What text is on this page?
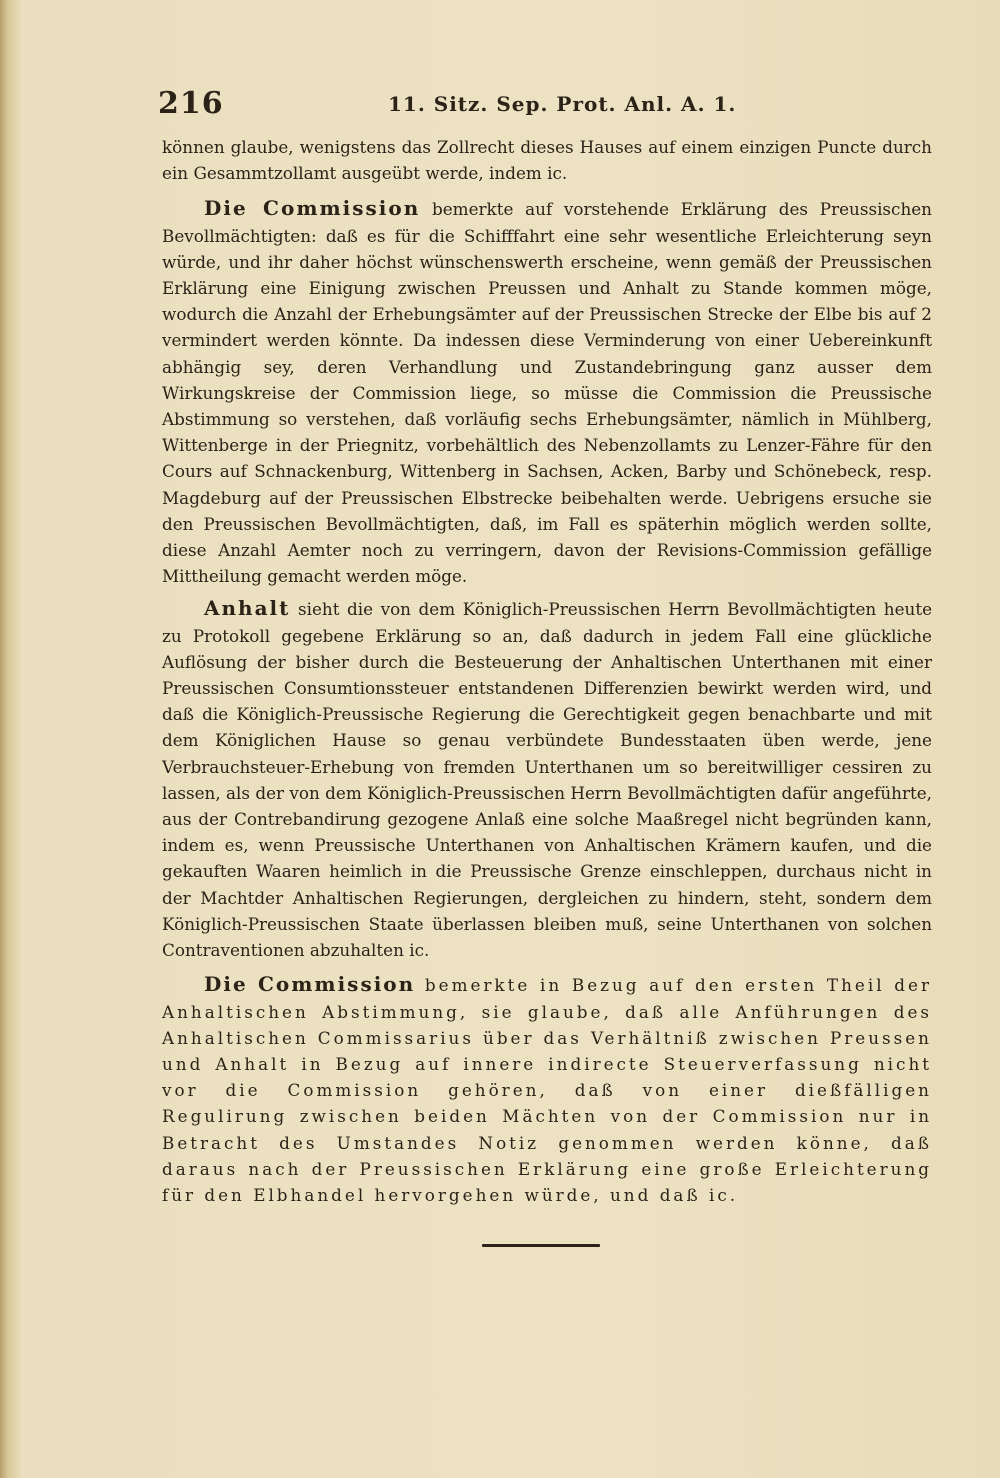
216	11. Sitz. Sep. Prot. Anl. A. 1.

können glaube, wenigstens das Zollrecht dieses Hauses auf einem einzigen Puncte durch ein Gesammtzollamt ausgeübt werde, indem ic.

Die Commission bemerkte auf vorstehende Erklärung des Preussischen Bevollmächtigten: daß es für die Schifffahrt eine sehr wesentliche Erleichterung seyn würde, und ihr daher höchst wünschenswerth erscheine, wenn gemäß der Preussischen Erklärung eine Einigung zwischen Preussen und Anhalt zu Stande kommen möge, wodurch die Anzahl der Erhebungsämter auf der Preussischen Strecke der Elbe bis auf 2 vermindert werden könnte. Da indessen diese Verminderung von einer Uebereinkunft abhängig sey, deren Verhandlung und Zustandebringung ganz ausser dem Wirkungskreise der Commission liege, so müsse die Commission die Preussische Abstimmung so verstehen, daß vorläufig sechs Erhebungsämter, nämlich in Mühlberg, Wittenberge in der Priegnitz, vorbehältlich des Nebenzollamts zu Lenzer-Fähre für den Cours auf Schnackenburg, Wittenberg in Sachsen, Acken, Barby und Schönebeck, resp. Magdeburg auf der Preussischen Elbstrecke beibehalten werde. Uebrigens ersuche sie den Preussischen Bevollmächtigten, daß, im Fall es späterhin möglich werden sollte, diese Anzahl Aemter noch zu verringern, davon der Revisions-Commission gefällige Mittheilung gemacht werden möge.

Anhalt sieht die von dem Königlich-Preussischen Herrn Bevollmächtigten heute zu Protokoll gegebene Erklärung so an, daß dadurch in jedem Fall eine glückliche Auflösung der bisher durch die Besteuerung der Anhaltischen Unterthanen mit einer Preussischen Consumtionssteuer entstandenen Differenzien bewirkt werden wird, und daß die Königlich-Preussische Regierung die Gerechtigkeit gegen benachbarte und mit dem Königlichen Hause so genau verbündete Bundesstaaten üben werde, jene Verbrauchsteuer-Erhebung von fremden Unterthanen um so bereitwilliger cessiren zu lassen, als der von dem Königlich-Preussischen Herrn Bevollmächtigten dafür angeführte, aus der Contrebandirung gezogene Anlaß eine solche Maaßregel nicht begründen kann, indem es, wenn Preussische Unterthanen von Anhaltischen Krämern kaufen, und die gekauften Waaren heimlich in die Preussische Grenze einschleppen, durchaus nicht in der Machtder Anhaltischen Regierungen, dergleichen zu hindern, steht, sondern dem Königlich-Preussischen Staate überlassen bleiben muß, seine Unterthanen von solchen Contraventionen abzuhalten ic.

Die Commission bemerkte in Bezug auf den ersten Theil der Anhaltischen Abstimmung, sie glaube, daß alle Anführungen des Anhaltischen Commissarius über das Verhältniß zwischen Preussen und Anhalt in Bezug auf innere indirecte Steuerverfassung nicht vor die Commission gehören, daß von einer dießfälligen Regulirung zwischen beiden Mächten von der Commission nur in Betracht des Umstandes Notiz genommen werden könne, daß daraus nach der Preussischen Erklärung eine große Erleichterung für den Elbhandel hervorgehen würde, und daß ic.
